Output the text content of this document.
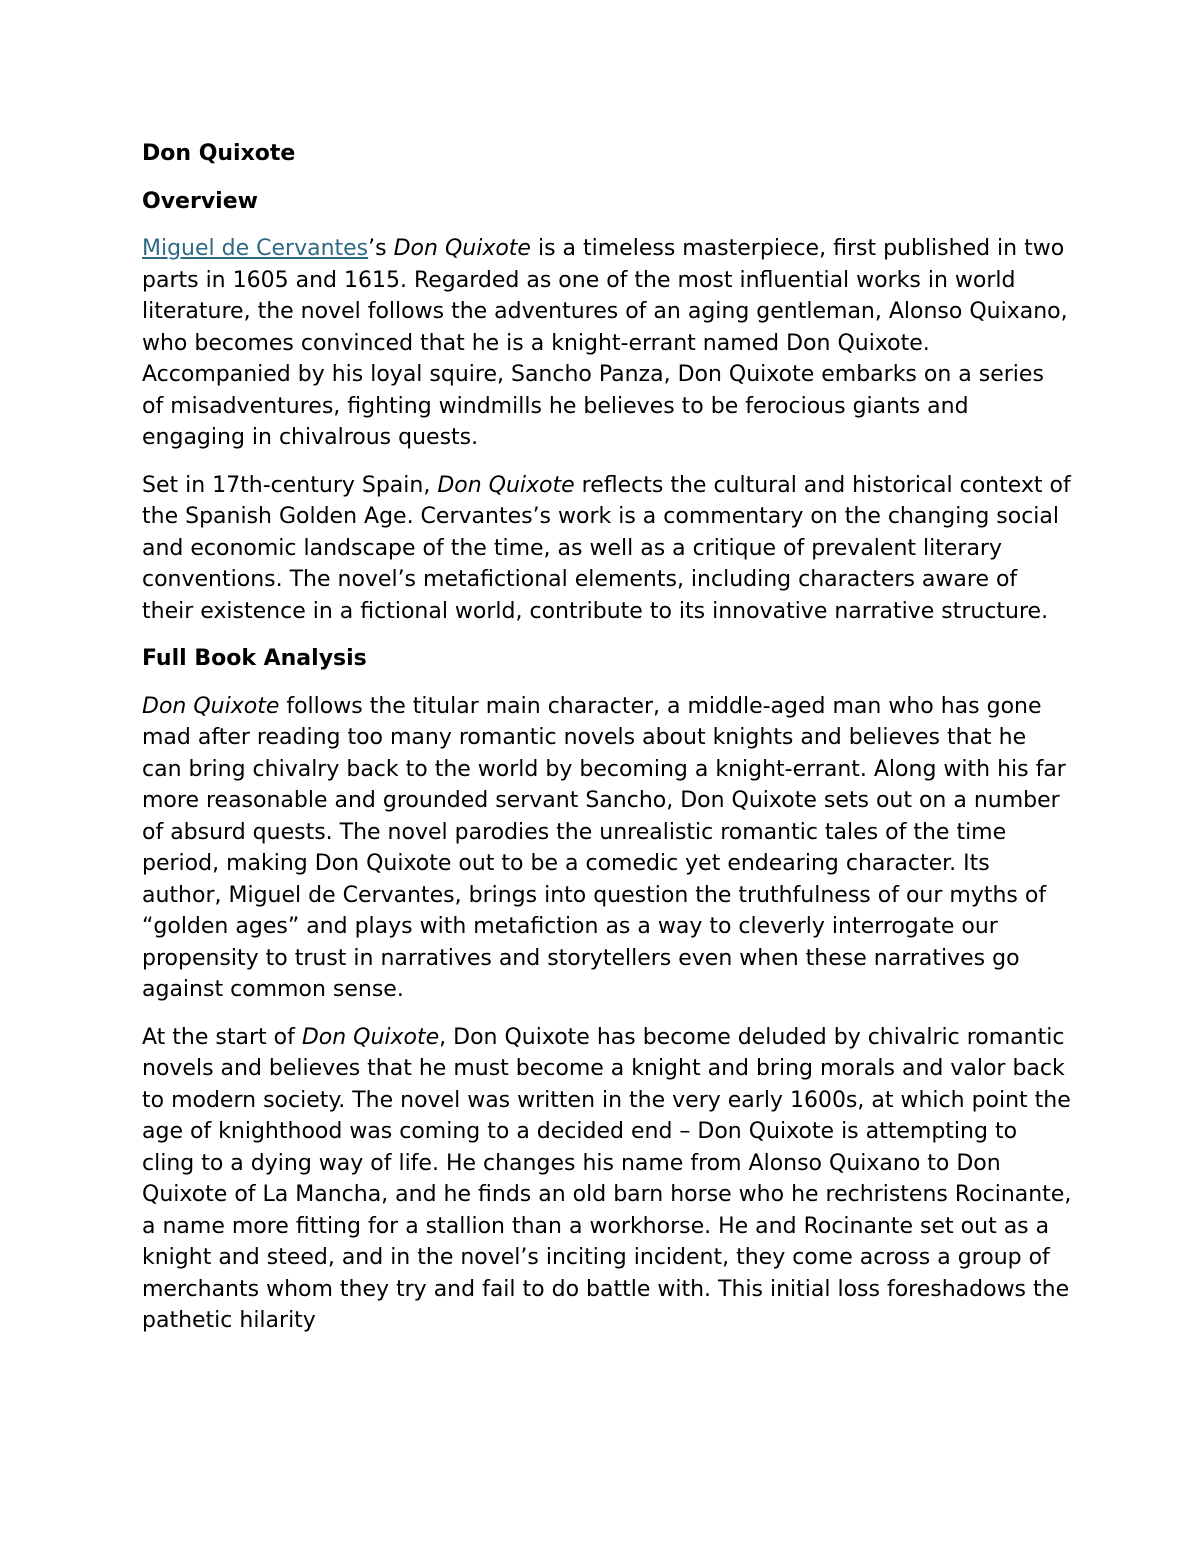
Don Quixote
Overview
Miguel de Cervantes’s Don Quixote is a timeless masterpiece, first published in two parts in 1605 and 1615. Regarded as one of the most influential works in world literature, the novel follows the adventures of an aging gentleman, Alonso Quixano, who becomes convinced that he is a knight-errant named Don Quixote. Accompanied by his loyal squire, Sancho Panza, Don Quixote embarks on a series of misadventures, fighting windmills he believes to be ferocious giants and engaging in chivalrous quests.
Set in 17th-century Spain, Don Quixote reflects the cultural and historical context of the Spanish Golden Age. Cervantes’s work is a commentary on the changing social and economic landscape of the time, as well as a critique of prevalent literary conventions. The novel’s metafictional elements, including characters aware of their existence in a fictional world, contribute to its innovative narrative structure.
Full Book Analysis
Don Quixote follows the titular main character, a middle-aged man who has gone mad after reading too many romantic novels about knights and believes that he can bring chivalry back to the world by becoming a knight-errant. Along with his far more reasonable and grounded servant Sancho, Don Quixote sets out on a number of absurd quests. The novel parodies the unrealistic romantic tales of the time period, making Don Quixote out to be a comedic yet endearing character. Its author, Miguel de Cervantes, brings into question the truthfulness of our myths of “golden ages” and plays with metafiction as a way to cleverly interrogate our propensity to trust in narratives and storytellers even when these narratives go against common sense.
At the start of Don Quixote, Don Quixote has become deluded by chivalric romantic novels and believes that he must become a knight and bring morals and valor back to modern society. The novel was written in the very early 1600s, at which point the age of knighthood was coming to a decided end – Don Quixote is attempting to cling to a dying way of life. He changes his name from Alonso Quixano to Don Quixote of La Mancha, and he finds an old barn horse who he rechristens Rocinante, a name more fitting for a stallion than a workhorse. He and Rocinante set out as a knight and steed, and in the novel’s inciting incident, they come across a group of merchants whom they try and fail to do battle with. This initial loss foreshadows the pathetic hilarity
